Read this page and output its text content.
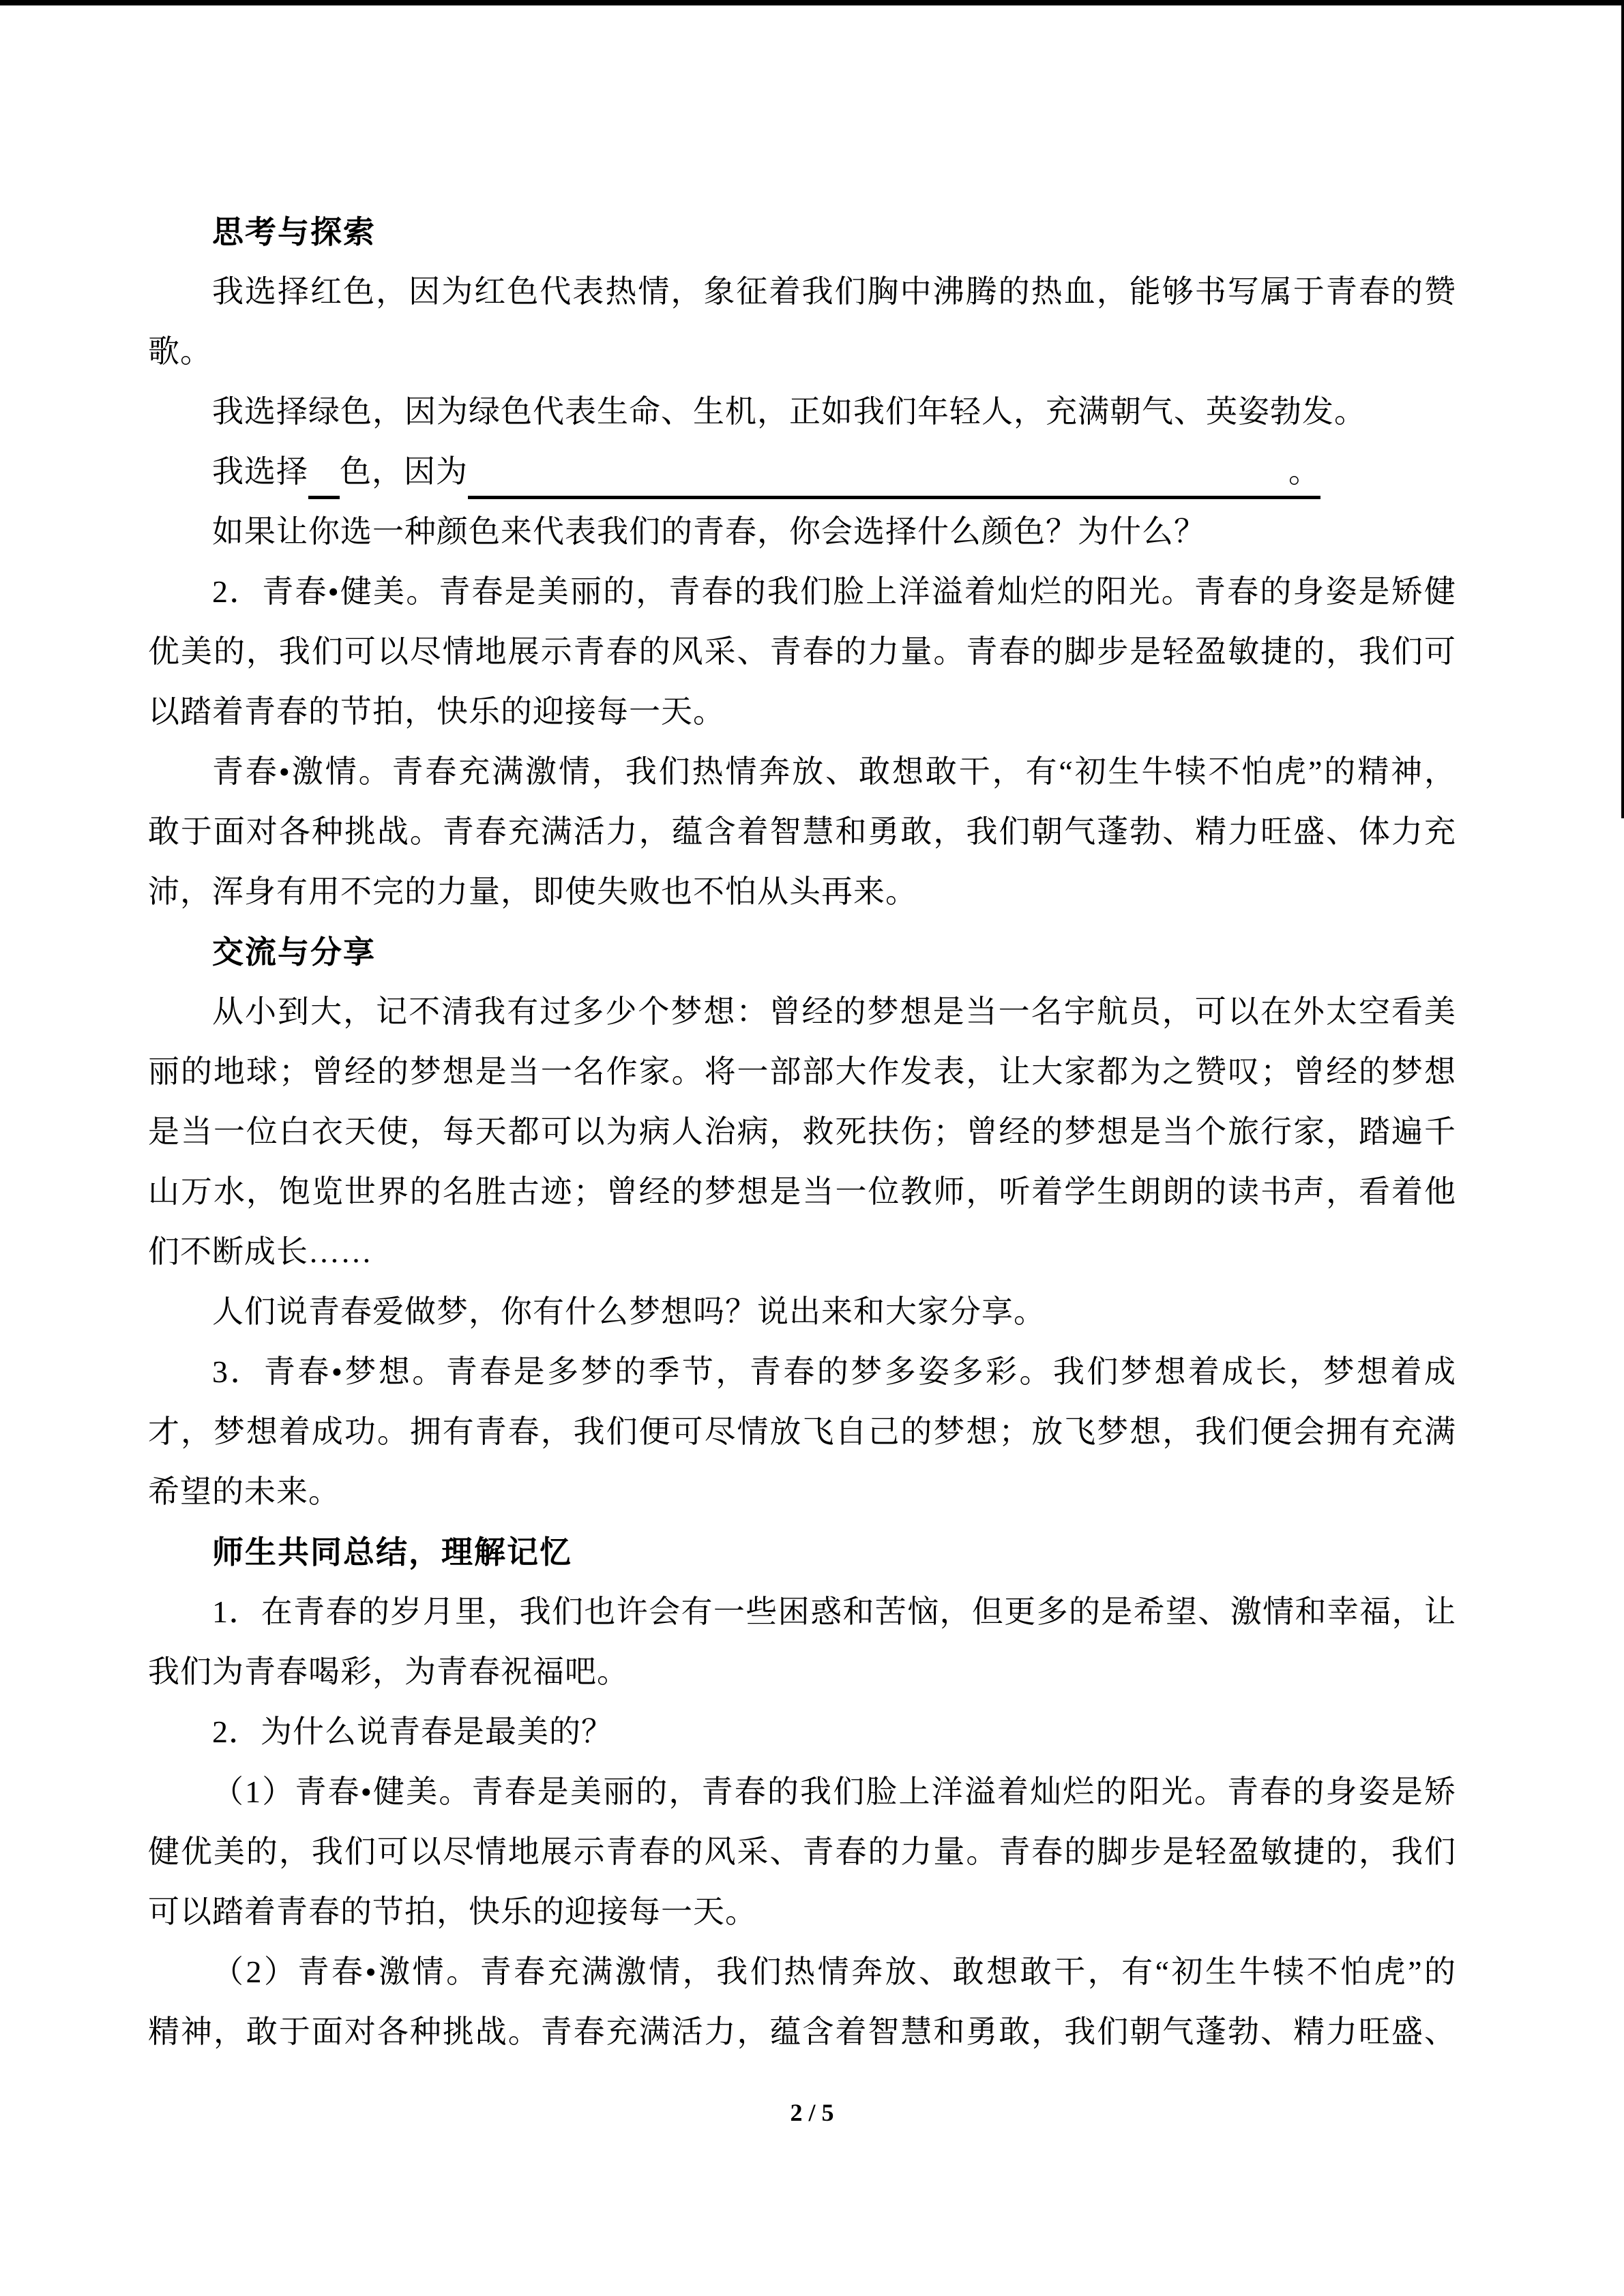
思考与探索
我选择红色，因为红色代表热情，象征着我们胸中沸腾的热血，能够书写属于青春的赞
歌。
我选择绿色，因为绿色代表生命、生机，正如我们年轻人，充满朝气、英姿勃发。
我选择 色，因为	。
如果让你选一种颜色来代表我们的青春，你会选择什么颜色？为什么？
2．青春•健美。青春是美丽的，青春的我们脸上洋溢着灿烂的阳光。青春的身姿是矫健
优美的，我们可以尽情地展示青春的风采、青春的力量。青春的脚步是轻盈敏捷的，我们可
以踏着青春的节拍，快乐的迎接每一天。
青春•激情。青春充满激情，我们热情奔放、敢想敢干，有“初生牛犊不怕虎”的精神，
敢于面对各种挑战。青春充满活力，蕴含着智慧和勇敢，我们朝气蓬勃、精力旺盛、体力充
沛，浑身有用不完的力量，即使失败也不怕从头再来。
交流与分享
从小到大，记不清我有过多少个梦想：曾经的梦想是当一名宇航员，可以在外太空看美
丽的地球；曾经的梦想是当一名作家。将一部部大作发表，让大家都为之赞叹；曾经的梦想
是当一位白衣天使，每天都可以为病人治病，救死扶伤；曾经的梦想是当个旅行家，踏遍千
山万水，饱览世界的名胜古迹；曾经的梦想是当一位教师，听着学生朗朗的读书声，看着他
们不断成长……
人们说青春爱做梦，你有什么梦想吗？说出来和大家分享。
3．青春•梦想。青春是多梦的季节，青春的梦多姿多彩。我们梦想着成长，梦想着成
才，梦想着成功。拥有青春，我们便可尽情放飞自己的梦想；放飞梦想，我们便会拥有充满
希望的未来。
师生共同总结，理解记忆
1．在青春的岁月里，我们也许会有一些困惑和苦恼，但更多的是希望、激情和幸福，让
我们为青春喝彩，为青春祝福吧。
2．为什么说青春是最美的？
（1）青春•健美。青春是美丽的，青春的我们脸上洋溢着灿烂的阳光。青春的身姿是矫
健优美的，我们可以尽情地展示青春的风采、青春的力量。青春的脚步是轻盈敏捷的，我们
可以踏着青春的节拍，快乐的迎接每一天。
（2）青春•激情。青春充满激情，我们热情奔放、敢想敢干，有“初生牛犊不怕虎”的
精神，敢于面对各种挑战。青春充满活力，蕴含着智慧和勇敢，我们朝气蓬勃、精力旺盛、
2 / 5
